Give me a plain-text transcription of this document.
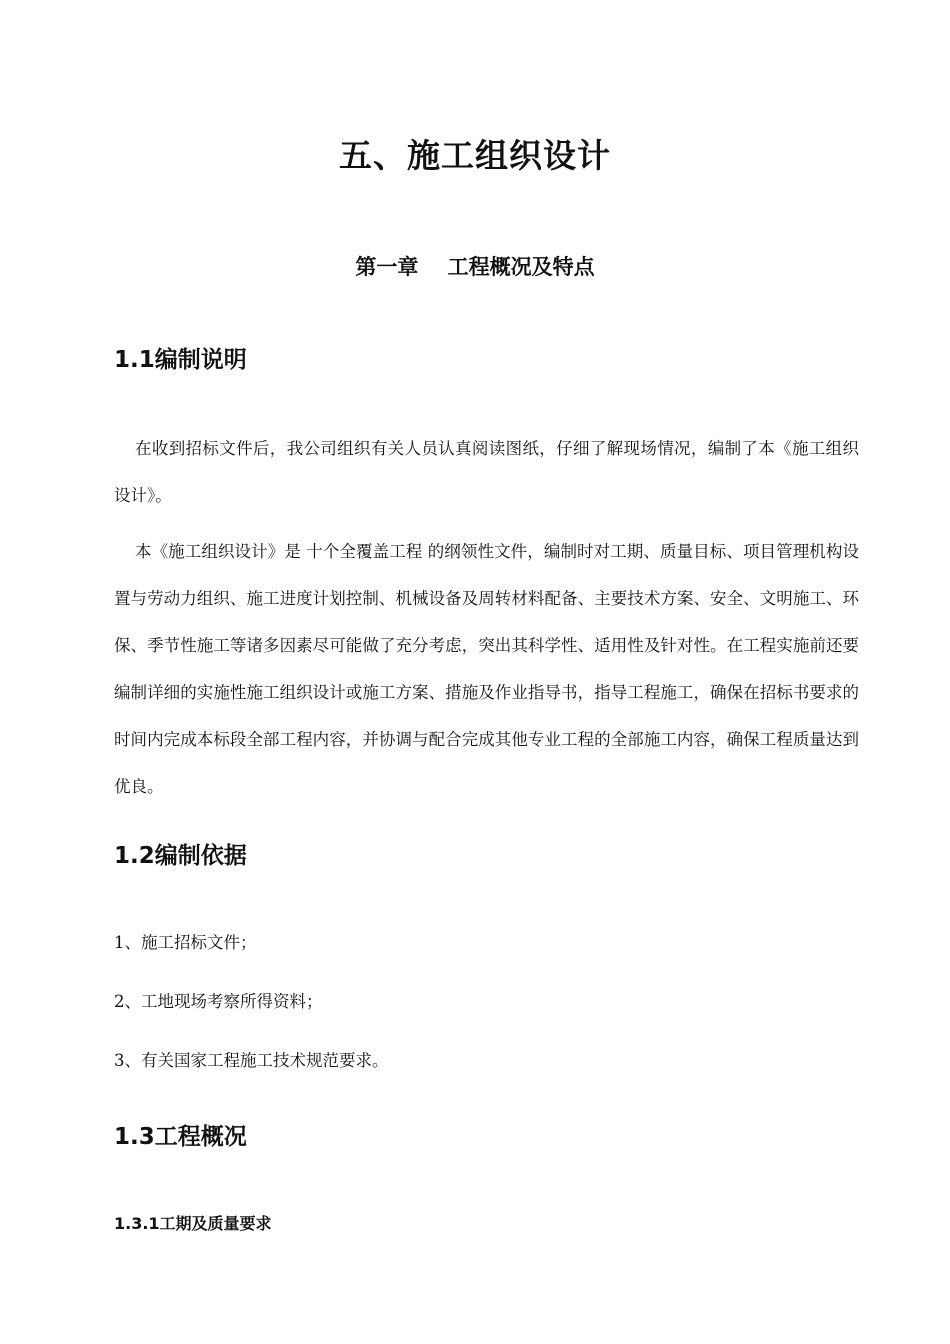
五、施工组织设计
第一章    工程概况及特点
1.1编制说明

在收到招标文件后，我公司组织有关人员认真阅读图纸，仔细了解现场情况，编制了本《施工组织设计》。

本《施工组织设计》是 十个全覆盖工程 的纲领性文件，编制时对工期、质量目标、项目管理机构设置与劳动力组织、施工进度计划控制、机械设备及周转材料配备、主要技术方案、安全、文明施工、环保、季节性施工等诸多因素尽可能做了充分考虑，突出其科学性、适用性及针对性。在工程实施前还要编制详细的实施性施工组织设计或施工方案、措施及作业指导书，指导工程施工，确保在招标书要求的时间内完成本标段全部工程内容，并协调与配合完成其他专业工程的全部施工内容，确保工程质量达到优良。

1.2编制依据

1、施工招标文件；

2、工地现场考察所得资料；

3、有关国家工程施工技术规范要求。

1.3工程概况
1.3.1工期及质量要求
